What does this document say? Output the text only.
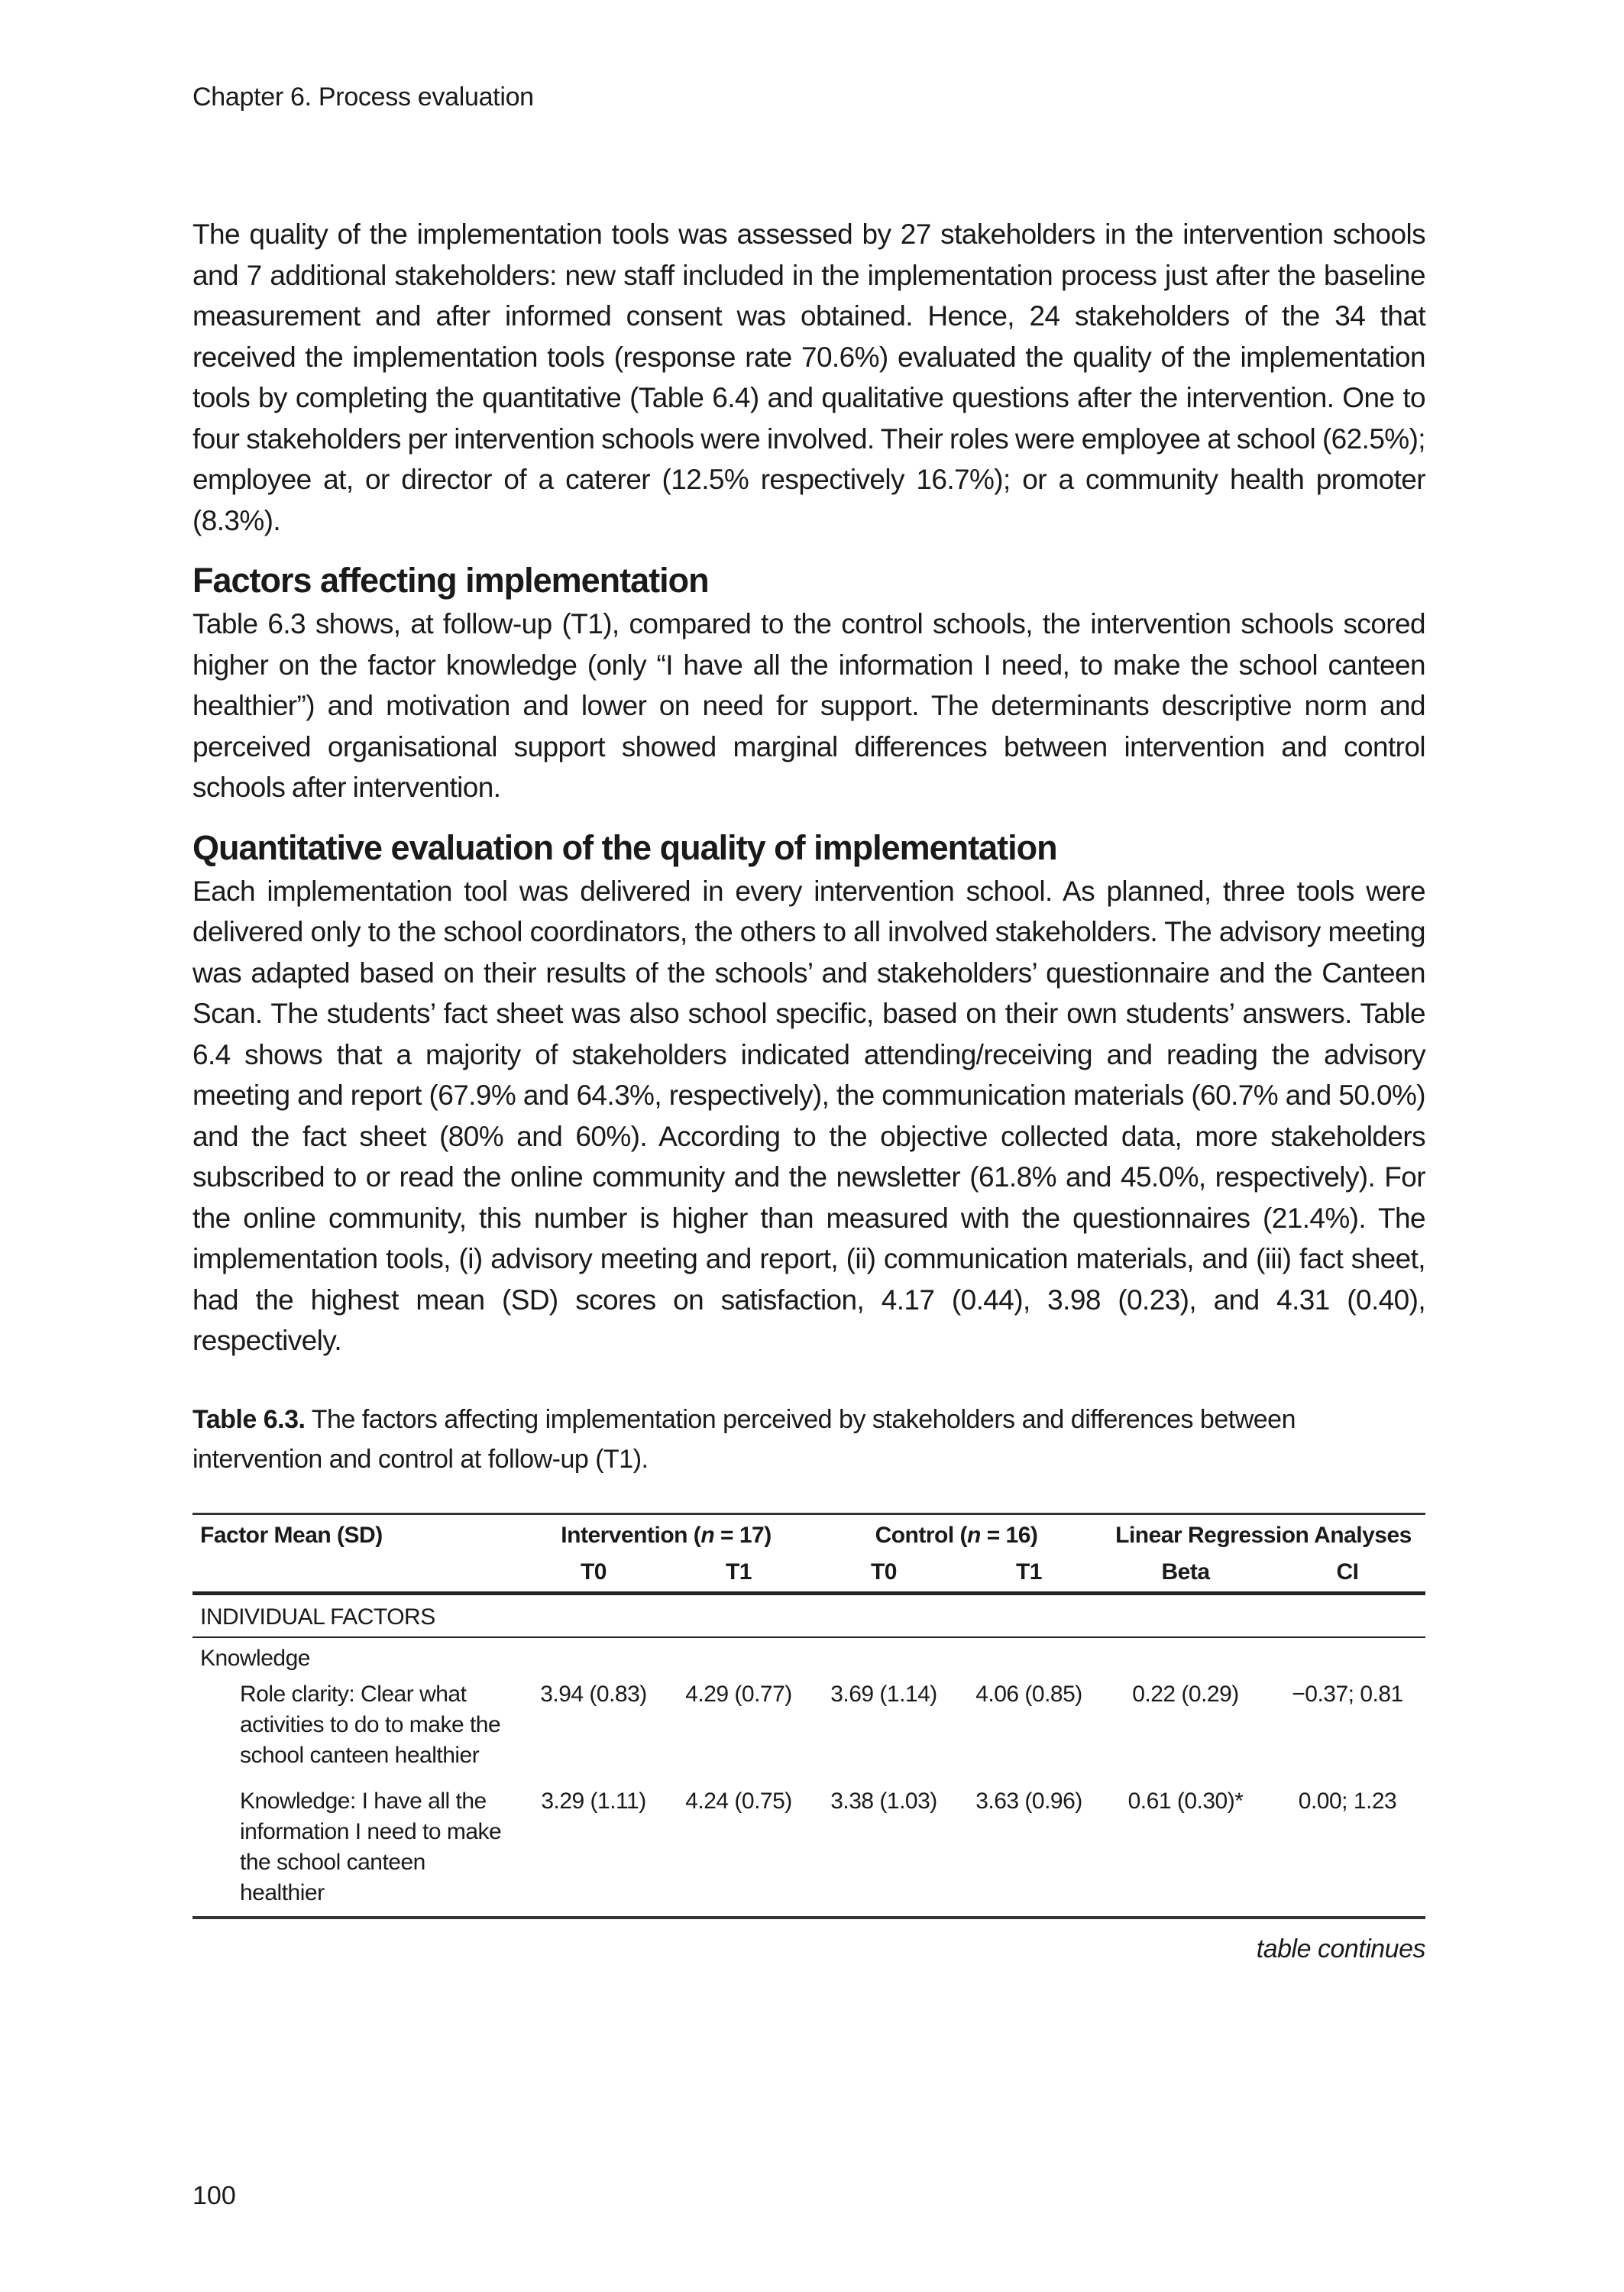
Chapter 6. Process evaluation

The quality of the implementation tools was assessed by 27 stakeholders in the intervention schools and 7 additional stakeholders: new staff included in the implementation process just after the baseline measurement and after informed consent was obtained. Hence, 24 stakeholders of the 34 that received the implementation tools (response rate 70.6%) evaluated the quality of the implementation tools by completing the quantitative (Table 6.4) and qualitative questions after the intervention. One to four stakeholders per intervention schools were involved. Their roles were employee at school (62.5%); employee at, or director of a caterer (12.5% respectively 16.7%); or a community health promoter (8.3%).

Factors affecting implementation

Table 6.3 shows, at follow-up (T1), compared to the control schools, the intervention schools scored higher on the factor knowledge (only “I have all the information I need, to make the school canteen healthier”) and motivation and lower on need for support. The determinants descriptive norm and perceived organisational support showed marginal differences between intervention and control schools after intervention.

Quantitative evaluation of the quality of implementation

Each implementation tool was delivered in every intervention school. As planned, three tools were delivered only to the school coordinators, the others to all involved stakeholders. The advisory meeting was adapted based on their results of the schools’ and stakeholders’ questionnaire and the Canteen Scan. The students’ fact sheet was also school specific, based on their own students’ answers. Table 6.4 shows that a majority of stakeholders indicated attending/receiving and reading the advisory meeting and report (67.9% and 64.3%, respectively), the communication materials (60.7% and 50.0%) and the fact sheet (80% and 60%). According to the objective collected data, more stakeholders subscribed to or read the online community and the newsletter (61.8% and 45.0%, respectively). For the online community, this number is higher than measured with the questionnaires (21.4%). The implementation tools, (i) advisory meeting and report, (ii) communication materials, and (iii) fact sheet, had the highest mean (SD) scores on satisfaction, 4.17 (0.44), 3.98 (0.23), and 4.31 (0.40), respectively.

Table 6.3. The factors affecting implementation perceived by stakeholders and differences between intervention and control at follow-up (T1).
Factor Mean (SD)	Intervention (n = 17)		Control (n = 16)		Linear Regression Analyses	
	T0	T1	T0	T1	Beta	CI
INDIVIDUAL FACTORS						
Knowledge						
Role clarity: Clear what activities to do to make the school canteen healthier	3.94 (0.83)	4.29 (0.77)	3.69 (1.14)	4.06 (0.85)	0.22 (0.29)	−0.37; 0.81
Knowledge: I have all the information I need to make the school canteen healthier	3.29 (1.11)	4.24 (0.75)	3.38 (1.03)	3.63 (0.96)	0.61 (0.30)*	0.00; 1.23
table continues
100
